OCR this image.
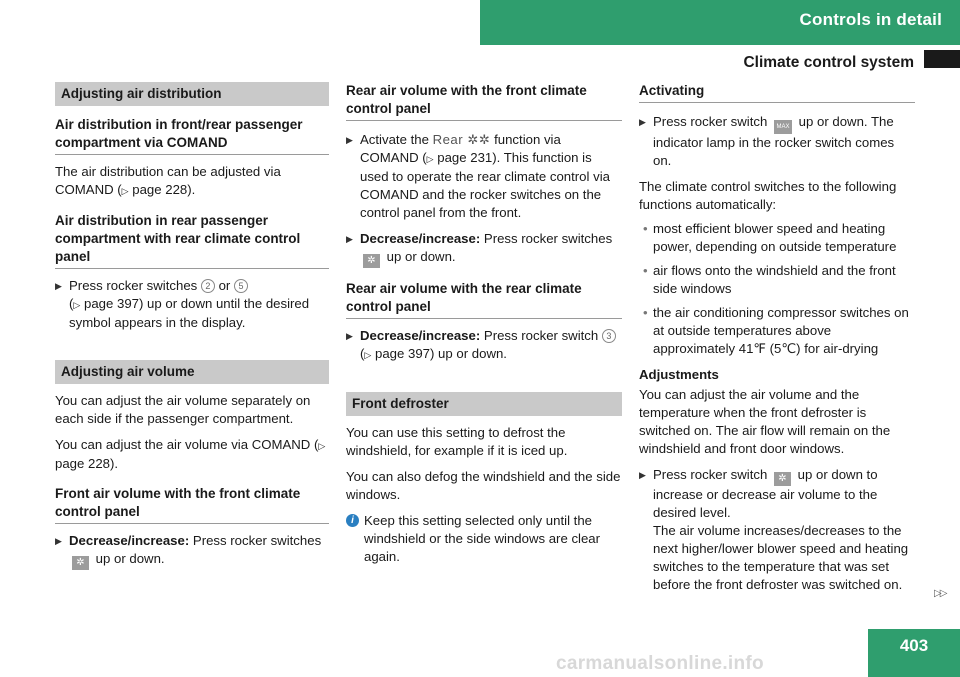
Controls in detail
Climate control system
Adjusting air distribution
Air distribution in front/rear passenger compartment via COMAND

The air distribution can be adjusted via COMAND (▷ page 228).

Air distribution in rear passenger compartment with rear climate control panel
▶ Press rocker switches 2 or 5
(▷ page 397) up or down until the desired symbol appears in the display.
Adjusting air volume

You can adjust the air volume separately on each side if the passenger compartment.

You can adjust the air volume via COMAND (▷ page 228).

Front air volume with the front climate control panel
▶ Decrease/increase: Press rocker switches ✲ up or down.
Rear air volume with the front climate control panel
▶ Activate the Rear ✲✲ function via COMAND (▷ page 231). This function is used to operate the rear climate control via COMAND and the rocker switches on the control panel from the front.
▶ Decrease/increase: Press rocker switches ✲ up or down.
Rear air volume with the rear climate control panel
▶ Decrease/increase: Press rocker switch 3 (▷ page 397) up or down.
Front defroster

You can use this setting to defrost the windshield, for example if it is iced up.

You can also defog the windshield and the side windows.

i Keep this setting selected only until the windshield or the side windows are clear again.
Activating
▶ Press rocker switch MAX up or down. The indicator lamp in the rocker switch comes on.

The climate control switches to the following functions automatically:

• most efficient blower speed and heating power, depending on outside temperature
• air flows onto the windshield and the front side windows
• the air conditioning compressor switches on at outside temperatures above approximately 41℉ (5℃) for air-drying
Adjustments

You can adjust the air volume and the temperature when the front defroster is switched on. The air flow will remain on the windshield and front door windows.

▶ Press rocker switch ✲ up or down to increase or decrease air volume to the desired level.
The air volume increases/decreases to the next higher/lower blower speed and heating switches to the temperature that was set before the front defroster was switched on.
▷▷
carmanualsonline.info
403
